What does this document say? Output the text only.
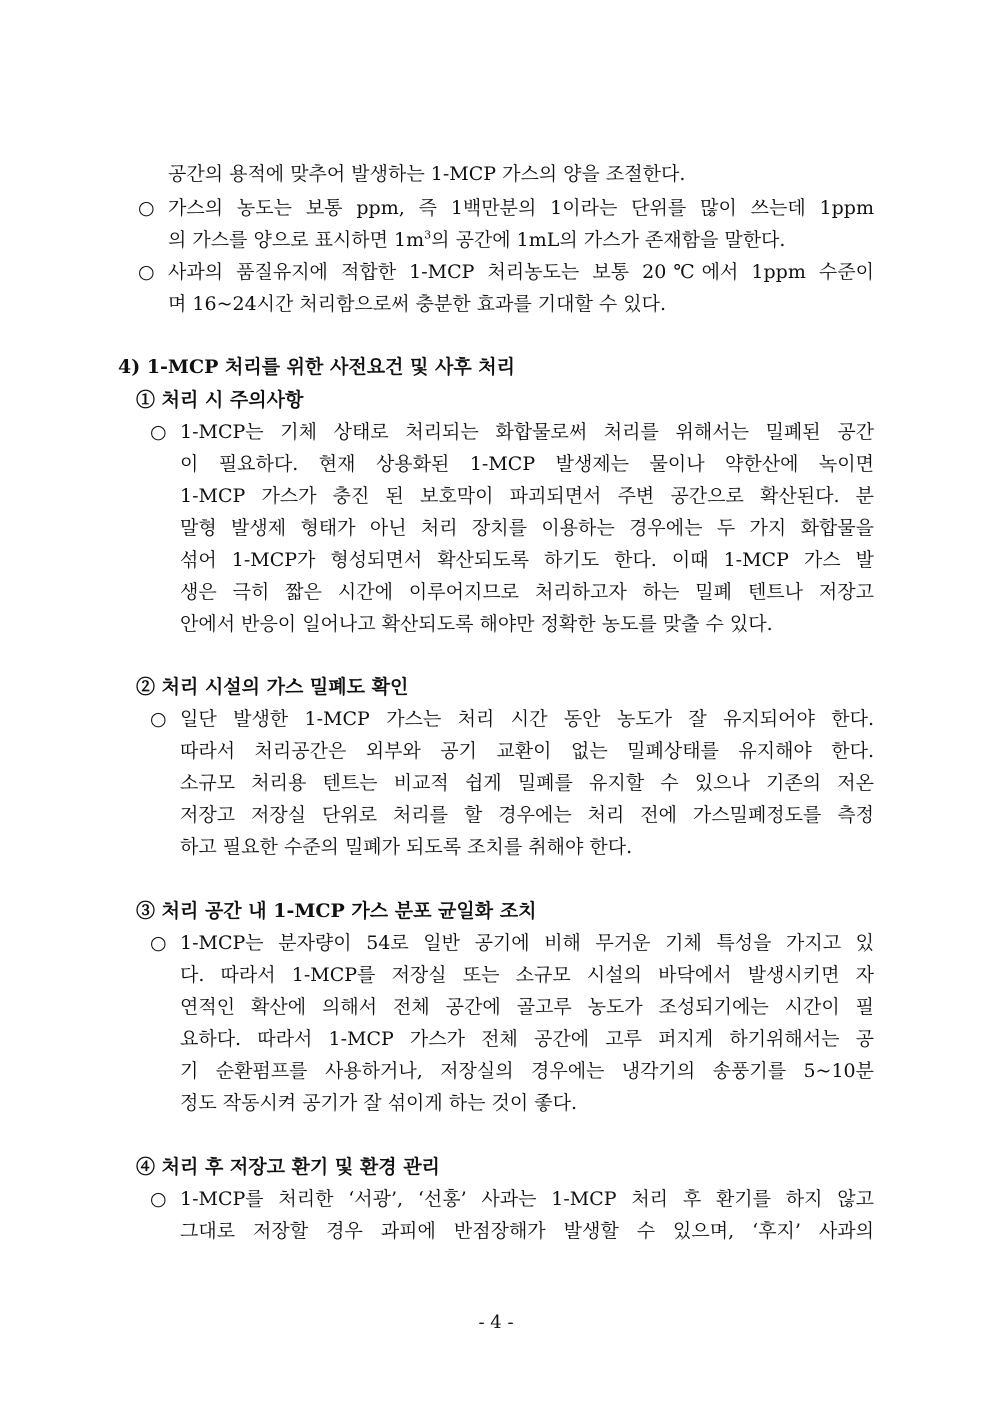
공간의 용적에 맞추어 발생하는 1-MCP 가스의 양을 조절한다.
○ 가스의 농도는 보통 ppm, 즉 1백만분의 1이라는 단위를 많이 쓰는데 1ppm
의 가스를 양으로 표시하면 $1m^3$의 공간에 1mL의 가스가 존재함을 말한다.
○ 사과의 품질유지에 적합한 1-MCP 처리농도는 보통 20℃에서 1ppm 수준이
며 16~24시간 처리함으로써 충분한 효과를 기대할 수 있다.
4) 1-MCP 처리를 위한 사전요건 및 사후 처리
① 처리 시 주의사항
○ 1-MCP는 기체 상태로 처리되는 화합물로써 처리를 위해서는 밀폐된 공간
이 필요하다. 현재 상용화된 1-MCP 발생제는 물이나 약한산에 녹이면
1-MCP 가스가 충진 된 보호막이 파괴되면서 주변 공간으로 확산된다. 분
말형 발생제 형태가 아닌 처리 장치를 이용하는 경우에는 두 가지 화합물을
섞어 1-MCP가 형성되면서 확산되도록 하기도 한다. 이때 1-MCP 가스 발
생은 극히 짧은 시간에 이루어지므로 처리하고자 하는 밀폐 텐트나 저장고
안에서 반응이 일어나고 확산되도록 해야만 정확한 농도를 맞출 수 있다.
② 처리 시설의 가스 밀폐도 확인
○ 일단 발생한 1-MCP 가스는 처리 시간 동안 농도가 잘 유지되어야 한다.
따라서 처리공간은 외부와 공기 교환이 없는 밀폐상태를 유지해야 한다.
소규모 처리용 텐트는 비교적 쉽게 밀폐를 유지할 수 있으나 기존의 저온
저장고 저장실 단위로 처리를 할 경우에는 처리 전에 가스밀폐정도를 측정
하고 필요한 수준의 밀폐가 되도록 조치를 취해야 한다.
③ 처리 공간 내 1-MCP 가스 분포 균일화 조치
○ 1-MCP는 분자량이 54로 일반 공기에 비해 무거운 기체 특성을 가지고 있
다. 따라서 1-MCP를 저장실 또는 소규모 시설의 바닥에서 발생시키면 자
연적인 확산에 의해서 전체 공간에 골고루 농도가 조성되기에는 시간이 필
요하다. 따라서 1-MCP 가스가 전체 공간에 고루 퍼지게 하기위해서는 공
기 순환펌프를 사용하거나, 저장실의 경우에는 냉각기의 송풍기를 5~10분
정도 작동시켜 공기가 잘 섞이게 하는 것이 좋다.
④ 처리 후 저장고 환기 및 환경 관리
○ 1-MCP를 처리한 ‘서광’, ‘선홍’ 사과는 1-MCP 처리 후 환기를 하지 않고
그대로 저장할 경우 과피에 반점장해가 발생할 수 있으며, ‘후지’ 사과의
- 4 -
